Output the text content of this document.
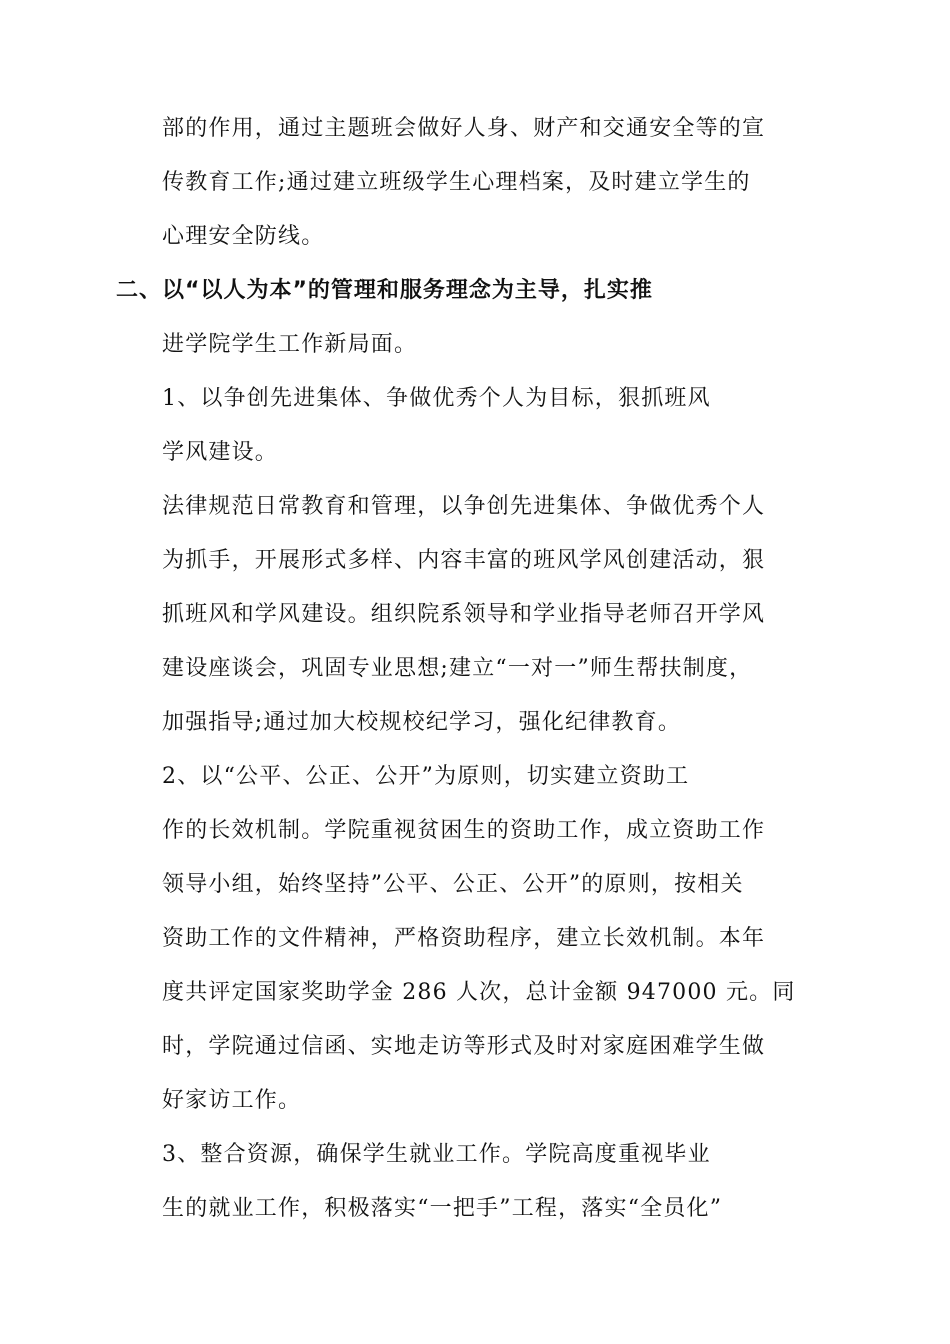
部的作用，通过主题班会做好人身、财产和交通安全等的宣
传教育工作;通过建立班级学生心理档案，及时建立学生的
心理安全防线。
二、以“以人为本”的管理和服务理念为主导，扎实推
进学院学生工作新局面。
1、以争创先进集体、争做优秀个人为目标，狠抓班风
学风建设。
法律规范日常教育和管理，以争创先进集体、争做优秀个人
为抓手，开展形式多样、内容丰富的班风学风创建活动，狠
抓班风和学风建设。组织院系领导和学业指导老师召开学风
建设座谈会，巩固专业思想;建立“一对一”师生帮扶制度，
加强指导;通过加大校规校纪学习，强化纪律教育。
2、以“公平、公正、公开”为原则，切实建立资助工
作的长效机制。学院重视贫困生的资助工作，成立资助工作
领导小组，始终坚持”公平、公正、公开”的原则，按相关
资助工作的文件精神，严格资助程序，建立长效机制。本年
度共评定国家奖助学金 286 人次，总计金额 947000 元。同
时，学院通过信函、实地走访等形式及时对家庭困难学生做
好家访工作。
3、整合资源，确保学生就业工作。学院高度重视毕业
生的就业工作，积极落实“一把手”工程，落实“全员化”
